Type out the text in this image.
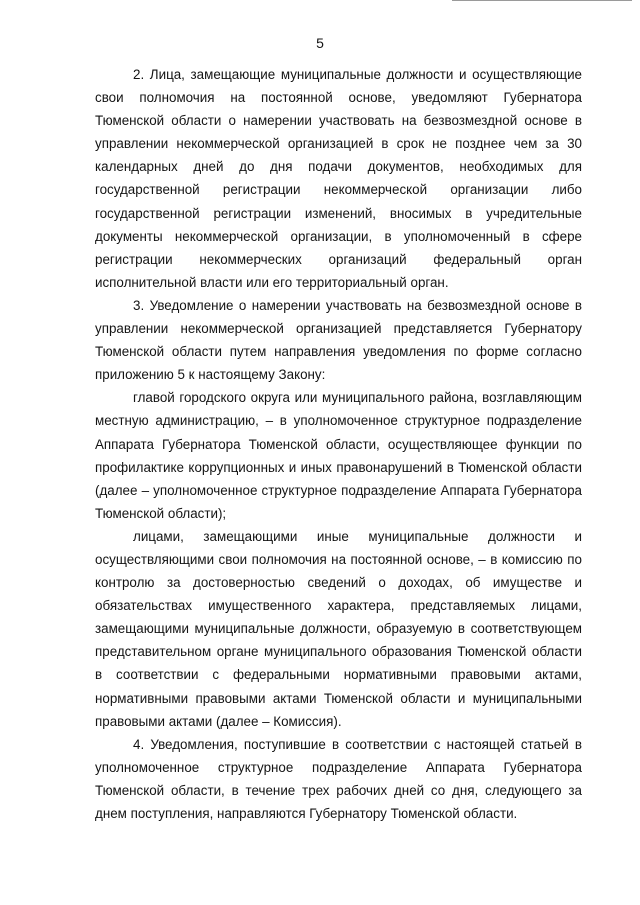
5

2. Лица, замещающие муниципальные должности и осуществляющие свои полномочия на постоянной основе, уведомляют Губернатора Тюменской области о намерении участвовать на безвозмездной основе в управлении некоммерческой организацией в срок не позднее чем за 30 календарных дней до дня подачи документов, необходимых для государственной регистрации некоммерческой организации либо государственной регистрации изменений, вносимых в учредительные документы некоммерческой организации, в уполномоченный в сфере регистрации некоммерческих организаций федеральный орган исполнительной власти или его территориальный орган.

3. Уведомление о намерении участвовать на безвозмездной основе в управлении некоммерческой организацией представляется Губернатору Тюменской области путем направления уведомления по форме согласно приложению 5 к настоящему Закону:

главой городского округа или муниципального района, возглавляющим местную администрацию, – в уполномоченное структурное подразделение Аппарата Губернатора Тюменской области, осуществляющее функции по профилактике коррупционных и иных правонарушений в Тюменской области (далее – уполномоченное структурное подразделение Аппарата Губернатора Тюменской области);

лицами, замещающими иные муниципальные должности и осуществляющими свои полномочия на постоянной основе, – в комиссию по контролю за достоверностью сведений о доходах, об имуществе и обязательствах имущественного характера, представляемых лицами, замещающими муниципальные должности, образуемую в соответствующем представительном органе муниципального образования Тюменской области в соответствии с федеральными нормативными правовыми актами, нормативными правовыми актами Тюменской области и муниципальными правовыми актами (далее – Комиссия).

4. Уведомления, поступившие в соответствии с настоящей статьей в уполномоченное структурное подразделение Аппарата Губернатора Тюменской области, в течение трех рабочих дней со дня, следующего за днем поступления, направляются Губернатору Тюменской области.
